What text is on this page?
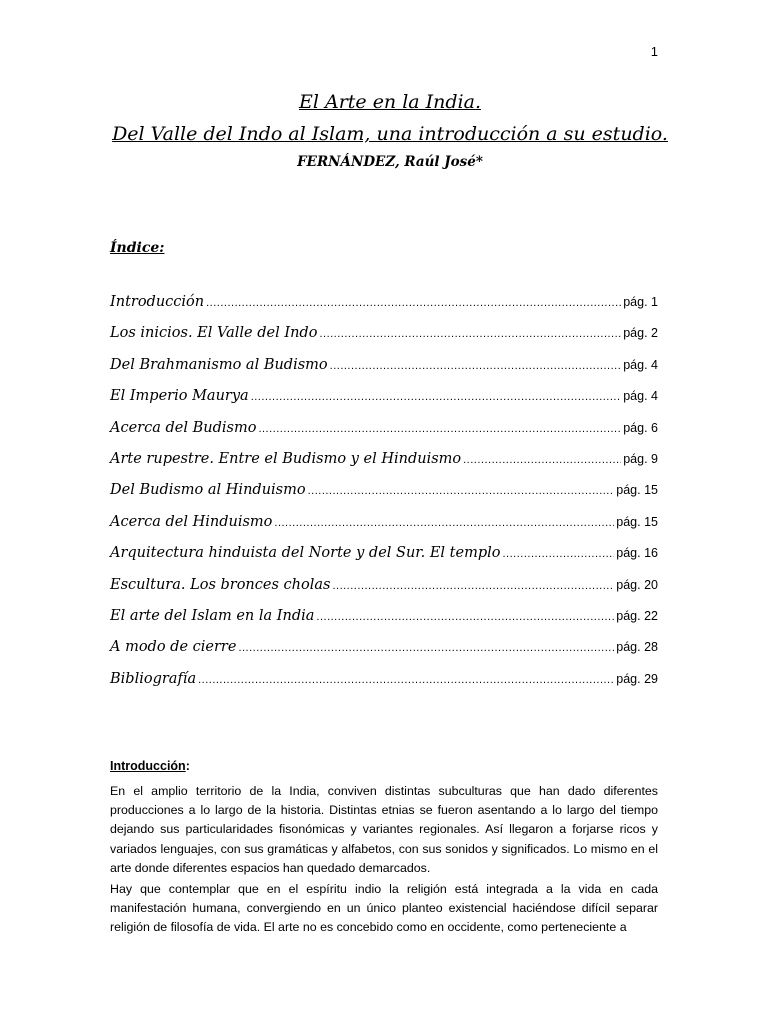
1
El Arte en la India.
Del Valle del Indo al Islam, una introducción a su estudio.
FERNÁNDEZ, Raúl José*
Índice:
Introducción .....	pág. 1
Los inicios. El Valle del Indo .....	pág. 2
Del Brahmanismo al Budismo .....	pág. 4
El Imperio Maurya .....	pág. 4
Acerca del Budismo .....	pág. 6
Arte rupestre. Entre el Budismo y el Hinduismo .....	pág. 9
Del Budismo al Hinduismo .....	pág. 15
Acerca del Hinduismo .....	pág. 15
Arquitectura hinduista del Norte y del Sur. El templo .....	pág. 16
Escultura. Los bronces cholas .....	pág. 20
El arte del Islam en la India .....	pág. 22
A modo de cierre .....	pág. 28
Bibliografía .....	pág. 29
Introducción:

En el amplio territorio de la India, conviven distintas subculturas que han dado diferentes producciones a lo largo de la historia. Distintas etnias se fueron asentando a lo largo del tiempo dejando sus particularidades fisonómicas y variantes regionales. Así llegaron a forjarse ricos y variados lenguajes, con sus gramáticas y alfabetos, con sus sonidos y significados. Lo mismo en el arte donde diferentes espacios han quedado demarcados.

Hay que contemplar que en el espíritu indio la religión está integrada a la vida en cada manifestación humana, convergiendo en un único planteo existencial haciéndose difícil separar religión de filosofía de vida. El arte no es concebido como en occidente, como perteneciente a
